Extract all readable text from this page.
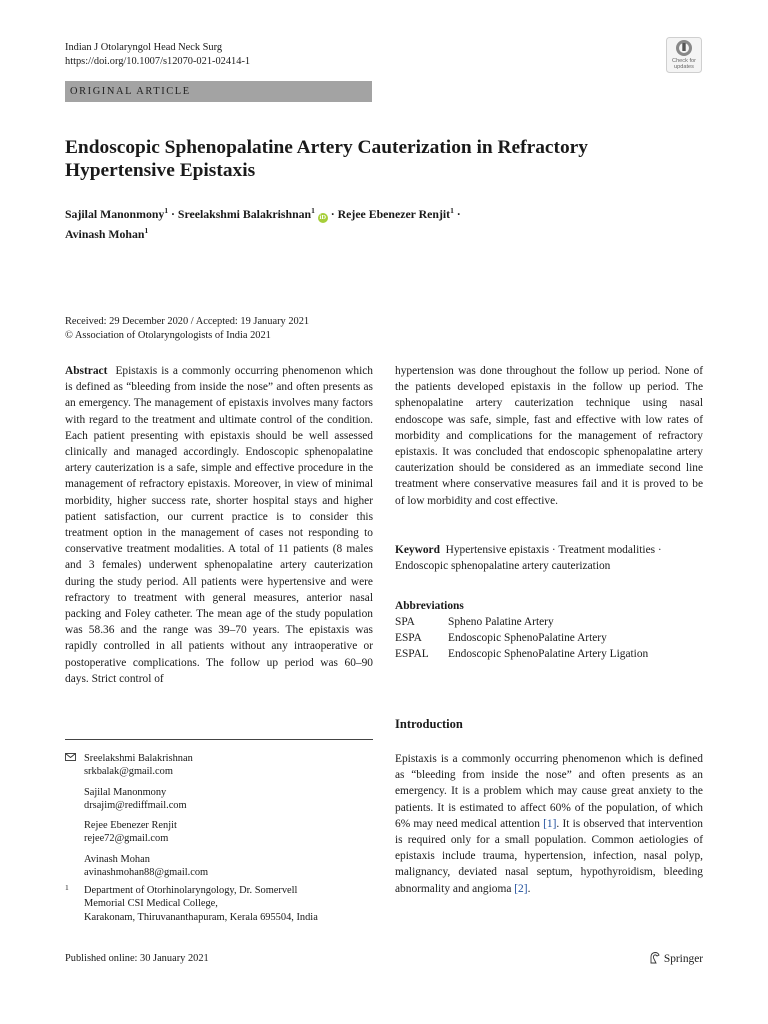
Indian J Otolaryngol Head Neck Surg
https://doi.org/10.1007/s12070-021-02414-1	Check for
updates
ORIGINAL ARTICLE
Endoscopic Sphenopalatine Artery Cauterization in Refractory
Hypertensive Epistaxis
Sajilal Manonmony$^1$ · Sreelakshmi Balakrishnan$^1$ iD · Rejee Ebenezer Renjit$^1$ ·
Avinash Mohan$^1$
Received: 29 December 2020 / Accepted: 19 January 2021
© Association of Otolaryngologists of India 2021
Abstract Epistaxis is a commonly occurring phenomenon which is defined as “bleeding from inside the nose” and often presents as an emergency. The management of epistaxis involves many factors with regard to the treatment and ultimate control of the condition. Each patient presenting with epistaxis should be well assessed clinically and managed accordingly. Endoscopic sphenopalatine artery cauterization is a safe, simple and effective procedure in the management of refractory epistaxis. Moreover, in view of minimal morbidity, higher success rate, shorter hospital stays and higher patient satisfaction, our current practice is to consider this treatment option in the management of cases not responding to conservative treatment modalities. A total of 11 patients (8 males and 3 females) underwent sphenopalatine artery cauterization during the study period. All patients were hypertensive and were refractory to treatment with general measures, anterior nasal packing and Foley catheter. The mean age of the study population was 58.36 and the range was 39–70 years. The epistaxis was rapidly controlled in all patients without any intraoperative or postoperative complications. The follow up period was 60–90 days. Strict control of
hypertension was done throughout the follow up period. None of the patients developed epistaxis in the follow up period. The sphenopalatine artery cauterization technique using nasal endoscope was safe, simple, fast and effective with low rates of morbidity and complications for the management of refractory epistaxis. It was concluded that endoscopic sphenopalatine artery cauterization should be considered as an immediate second line treatment where conservative measures fail and it is proved to be of low morbidity and cost effective.
Keyword Hypertensive epistaxis · Treatment modalities · Endoscopic sphenopalatine artery cauterization
Abbreviations
SPA	Spheno Palatine Artery
ESPA	Endoscopic SphenoPalatine Artery
ESPAL	Endoscopic SphenoPalatine Artery Ligation
Introduction
Epistaxis is a commonly occurring phenomenon which is defined as “bleeding from inside the nose” and often presents as an emergency. It is a problem which may cause great anxiety to the patients. It is estimated to affect 60% of the population, of which 6% may need medical attention [1]. It is observed that intervention is required only for a small population. Common aetiologies of epistaxis include trauma, hypertension, infection, nasal polyp, malignancy, deviated nasal septum, hypothyroidism, bleeding abnormality and angioma [2].
Sreelakshmi Balakrishnan
srkbalak@gmail.com
Sajilal Manonmony
drsajim@rediffmail.com
Rejee Ebenezer Renjit
rejee72@gmail.com
Avinash Mohan
avinashmohan88@gmail.com
1 Department of Otorhinolaryngology, Dr. Somervell
Memorial CSI Medical College,
Karakonam, Thiruvananthapuram, Kerala 695504, India
Published online: 30 January 2021	Springer
